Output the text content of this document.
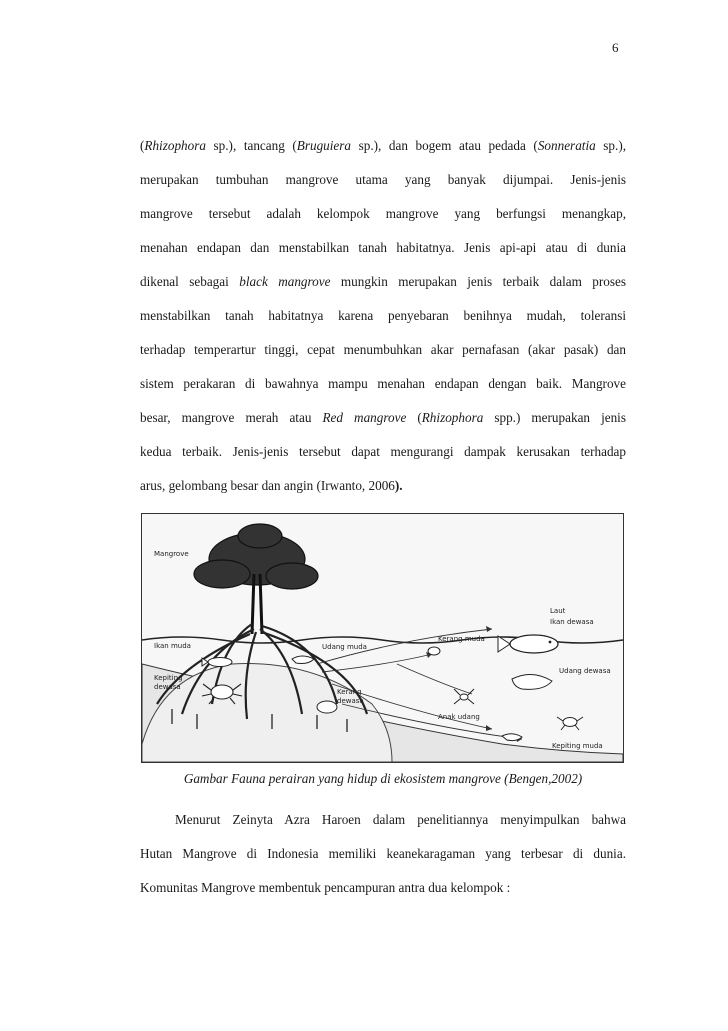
6
(Rhizophora sp.), tancang (Bruguiera sp.), dan bogem atau pedada (Sonneratia sp.),
merupakan tumbuhan mangrove utama yang banyak dijumpai. Jenis-jenis
mangrove tersebut adalah kelompok mangrove yang berfungsi menangkap,
menahan endapan dan menstabilkan tanah habitatnya. Jenis api-api atau di dunia
dikenal sebagai black mangrove mungkin merupakan jenis terbaik dalam proses
menstabilkan tanah habitatnya karena penyebaran benihnya mudah, toleransi
terhadap temperartur tinggi, cepat menumbuhkan akar pernafasan (akar pasak) dan
sistem perakaran di bawahnya mampu menahan endapan dengan baik. Mangrove
besar, mangrove merah atau Red mangrove (Rhizophora spp.) merupakan jenis
kedua terbaik. Jenis-jenis tersebut dapat mengurangi dampak kerusakan terhadap
arus, gelombang besar dan angin (Irwanto, 2006).
Mangrove
Laut
Ikan dewasa
Ikan muda	Udang muda
Kerang muda
Udang dewasa
Kepiting
dewasa
Kerang
dewasa
Anak udang
Kepiting muda
Gambar Fauna perairan yang hidup di ekosistem mangrove (Bengen,2002)
Menurut Zeinyta Azra Haroen dalam penelitiannya menyimpulkan bahwa
Hutan Mangrove di Indonesia memiliki keanekaragaman yang terbesar di dunia.
Komunitas Mangrove membentuk pencampuran antra dua kelompok :
